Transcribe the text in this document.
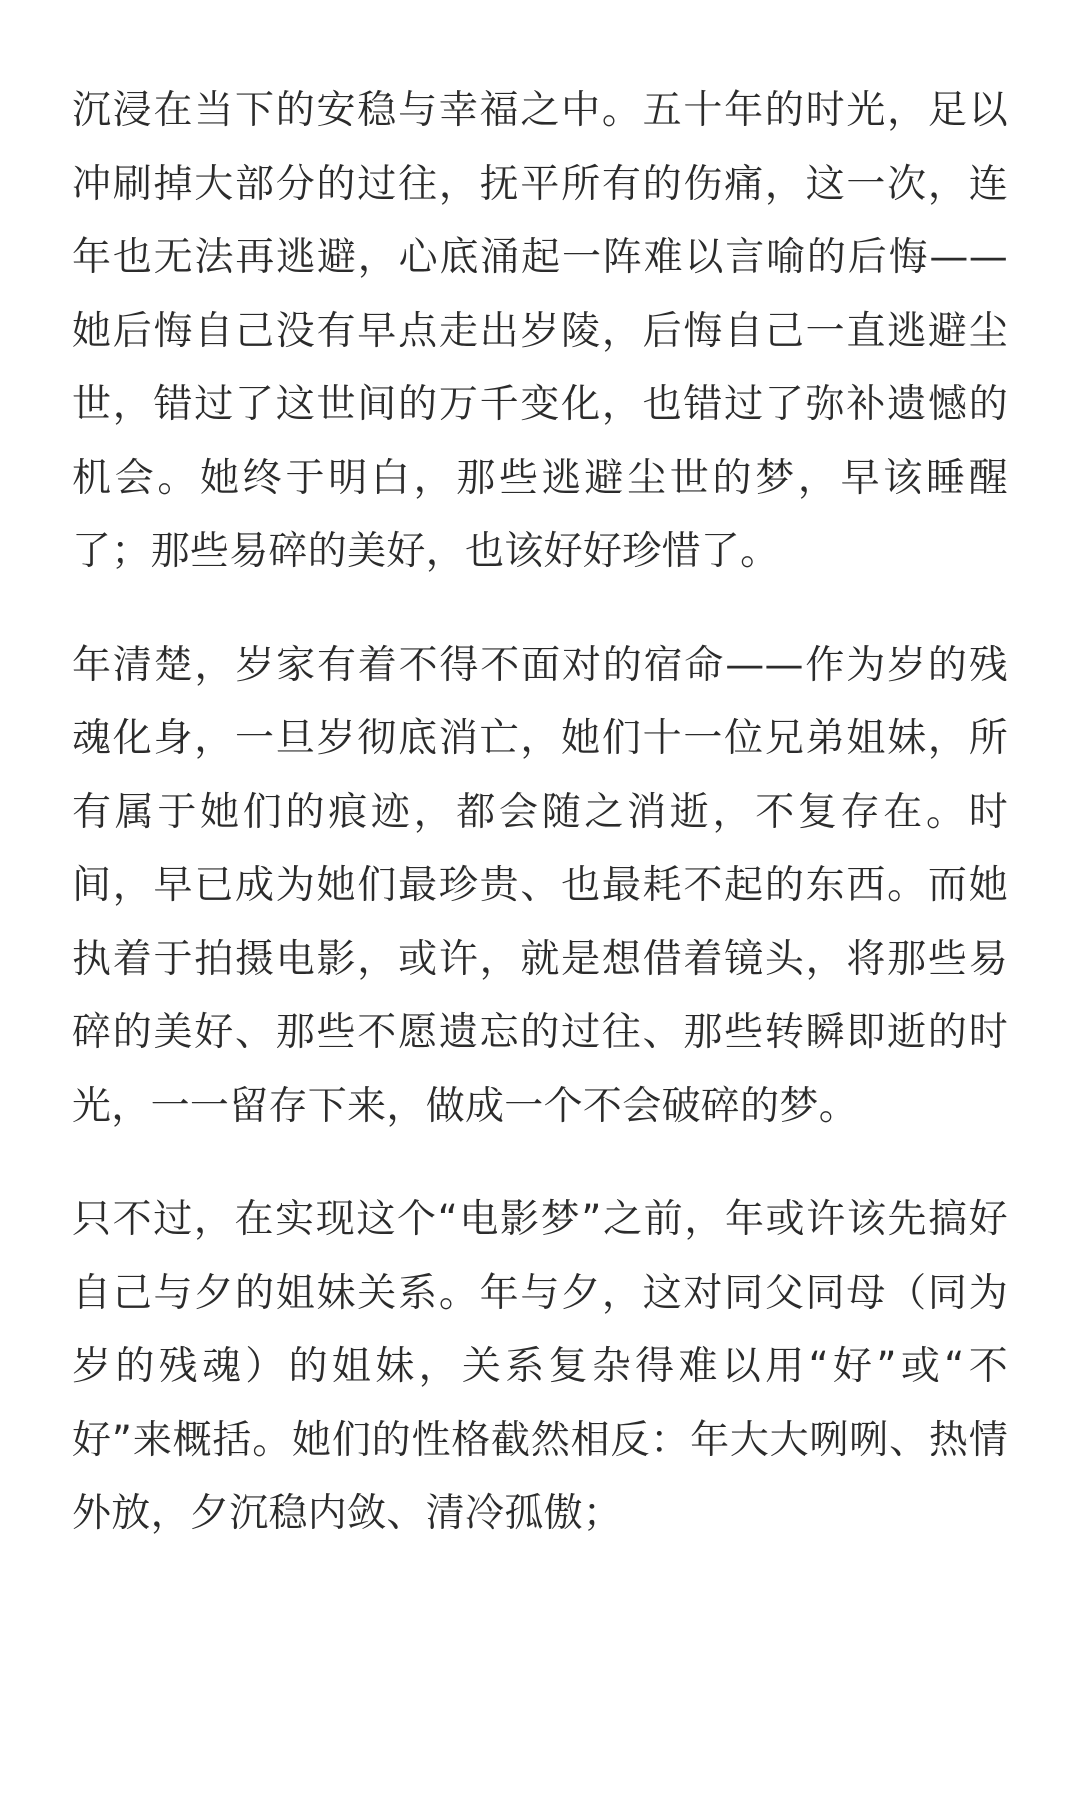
沉浸在当下的安稳与幸福之中。五十年的时光，足以冲刷掉大部分的过往，抚平所有的伤痛，这一次，连年也无法再逃避，心底涌起一阵难以言喻的后悔——她后悔自己没有早点走出岁陵，后悔自己一直逃避尘世，错过了这世间的万千变化，也错过了弥补遗憾的机会。她终于明白，那些逃避尘世的梦，早该睡醒了；那些易碎的美好，也该好好珍惜了。

年清楚，岁家有着不得不面对的宿命——作为岁的残魂化身，一旦岁彻底消亡，她们十一位兄弟姐妹，所有属于她们的痕迹，都会随之消逝，不复存在。时间，早已成为她们最珍贵、也最耗不起的东西。而她执着于拍摄电影，或许，就是想借着镜头，将那些易碎的美好、那些不愿遗忘的过往、那些转瞬即逝的时光，一一留存下来，做成一个不会破碎的梦。

只不过，在实现这个“电影梦”之前，年或许该先搞好自己与夕的姐妹关系。年与夕，这对同父同母（同为岁的残魂）的姐妹，关系复杂得难以用“好”或“不好”来概括。她们的性格截然相反：年大大咧咧、热情外放，夕沉稳内敛、清冷孤傲；
